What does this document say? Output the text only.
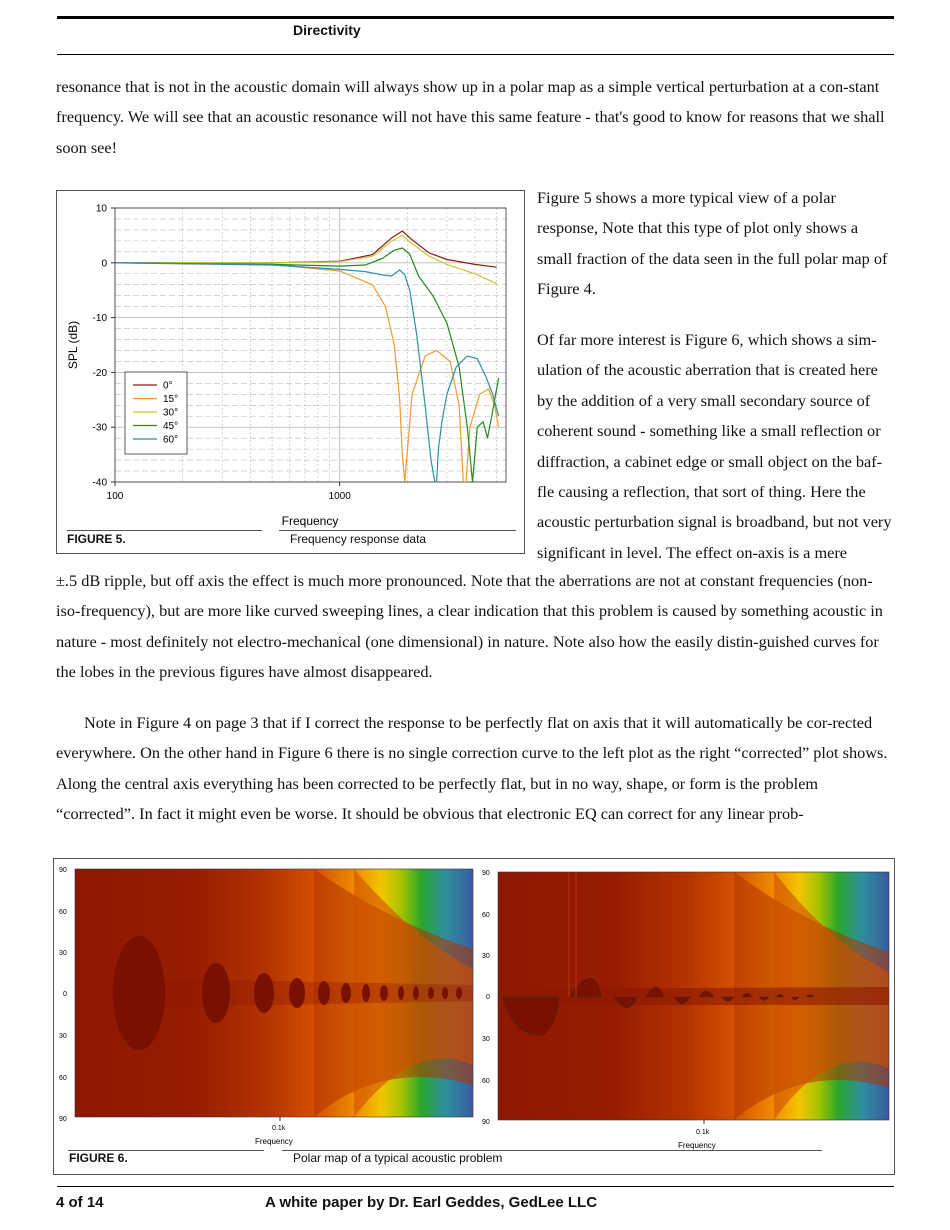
Directivity

resonance that is not in the acoustic domain will always show up in a polar map as a simple vertical perturbation at a con-stant frequency. We will see that an acoustic resonance will not have this same feature - that's good to know for reasons that we shall soon see!

Figure 5 shows a more typical view of a polar response, Note that this type of plot only shows a small fraction of the data seen in the full polar map of Figure 4.

Of far more interest is Figure 6, which shows a sim-ulation of the acoustic aberration that is created here by the addition of a very small secondary source of coherent sound - something like a small reflection or diffraction, a cabinet edge or small object on the baf-fle causing a reflection, that sort of thing. Here the acoustic perturbation signal is broadband, but not very significant in level. The effect on-axis is a mere

±.5 dB ripple, but off axis the effect is much more pronounced. Note that the aberrations are not at constant frequencies (non-iso-frequency), but are more like curved sweeping lines, a clear indication that this problem is caused by something acoustic in nature - most definitely not electro-mechanical (one dimensional) in nature. Note also how the easily distin-guished curves for the lobes in the previous figures have almost disappeared.

Note in Figure 4 on page 3 that if I correct the response to be perfectly flat on axis that it will automatically be cor-rected everywhere. On the other hand in Figure 6 there is no single correction curve to the left plot as the right “corrected” plot shows. Along the central axis everything has been corrected to be perfectly flat, but in no way, shape, or form is the problem “corrected”. In fact it might even be worse. It should be obvious that electronic EQ can correct for any linear prob-

10
0
-10
-20
-30
-40
100	1000
Frequency
SPL (dB)
0°
15°
30°
45°
60°
FIGURE 5.	Frequency response data
90
60
30
0
30
60
90
0.1k
Frequency
90
60
30
0
30
60
90
0.1k
Frequency
FIGURE 6.	Polar map of a typical acoustic problem
4 of 14	A white paper by Dr. Earl Geddes, GedLee LLC
